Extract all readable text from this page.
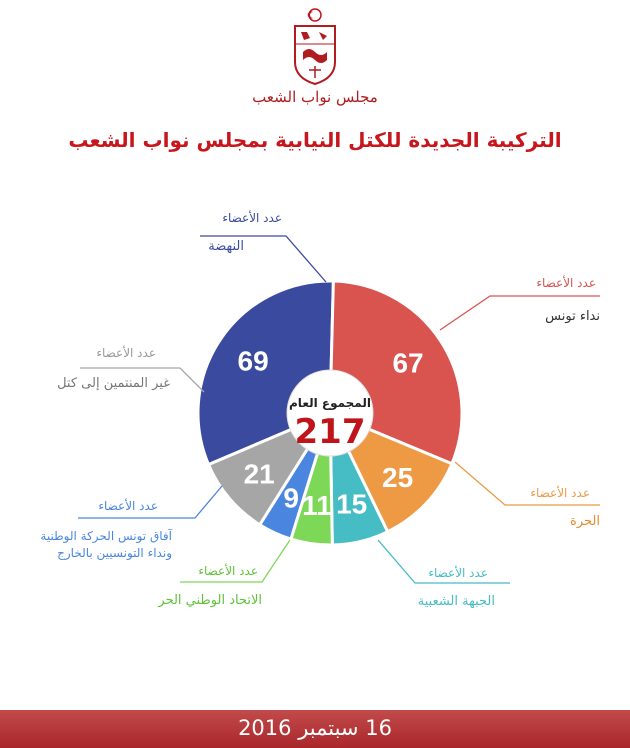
مجلس نواب الشعب
التركيبة الجديدة للكتل النيابية بمجلس نواب الشعب
69	67
25
15
11
9
21
المجموع العام
217
عدد الأعضاء
النهضة
عدد الأعضاء
نداء تونس
عدد الأعضاء
الحرة
عدد الأعضاء
الجبهة الشعبية
عدد الأعضاء
الاتحاد الوطني الحر
عدد الأعضاء
آفاق تونس الحركة الوطنية
ونداء التونسيين بالخارج
عدد الأعضاء
غير المنتمين إلى كتل
16 سبتمبر 2016
